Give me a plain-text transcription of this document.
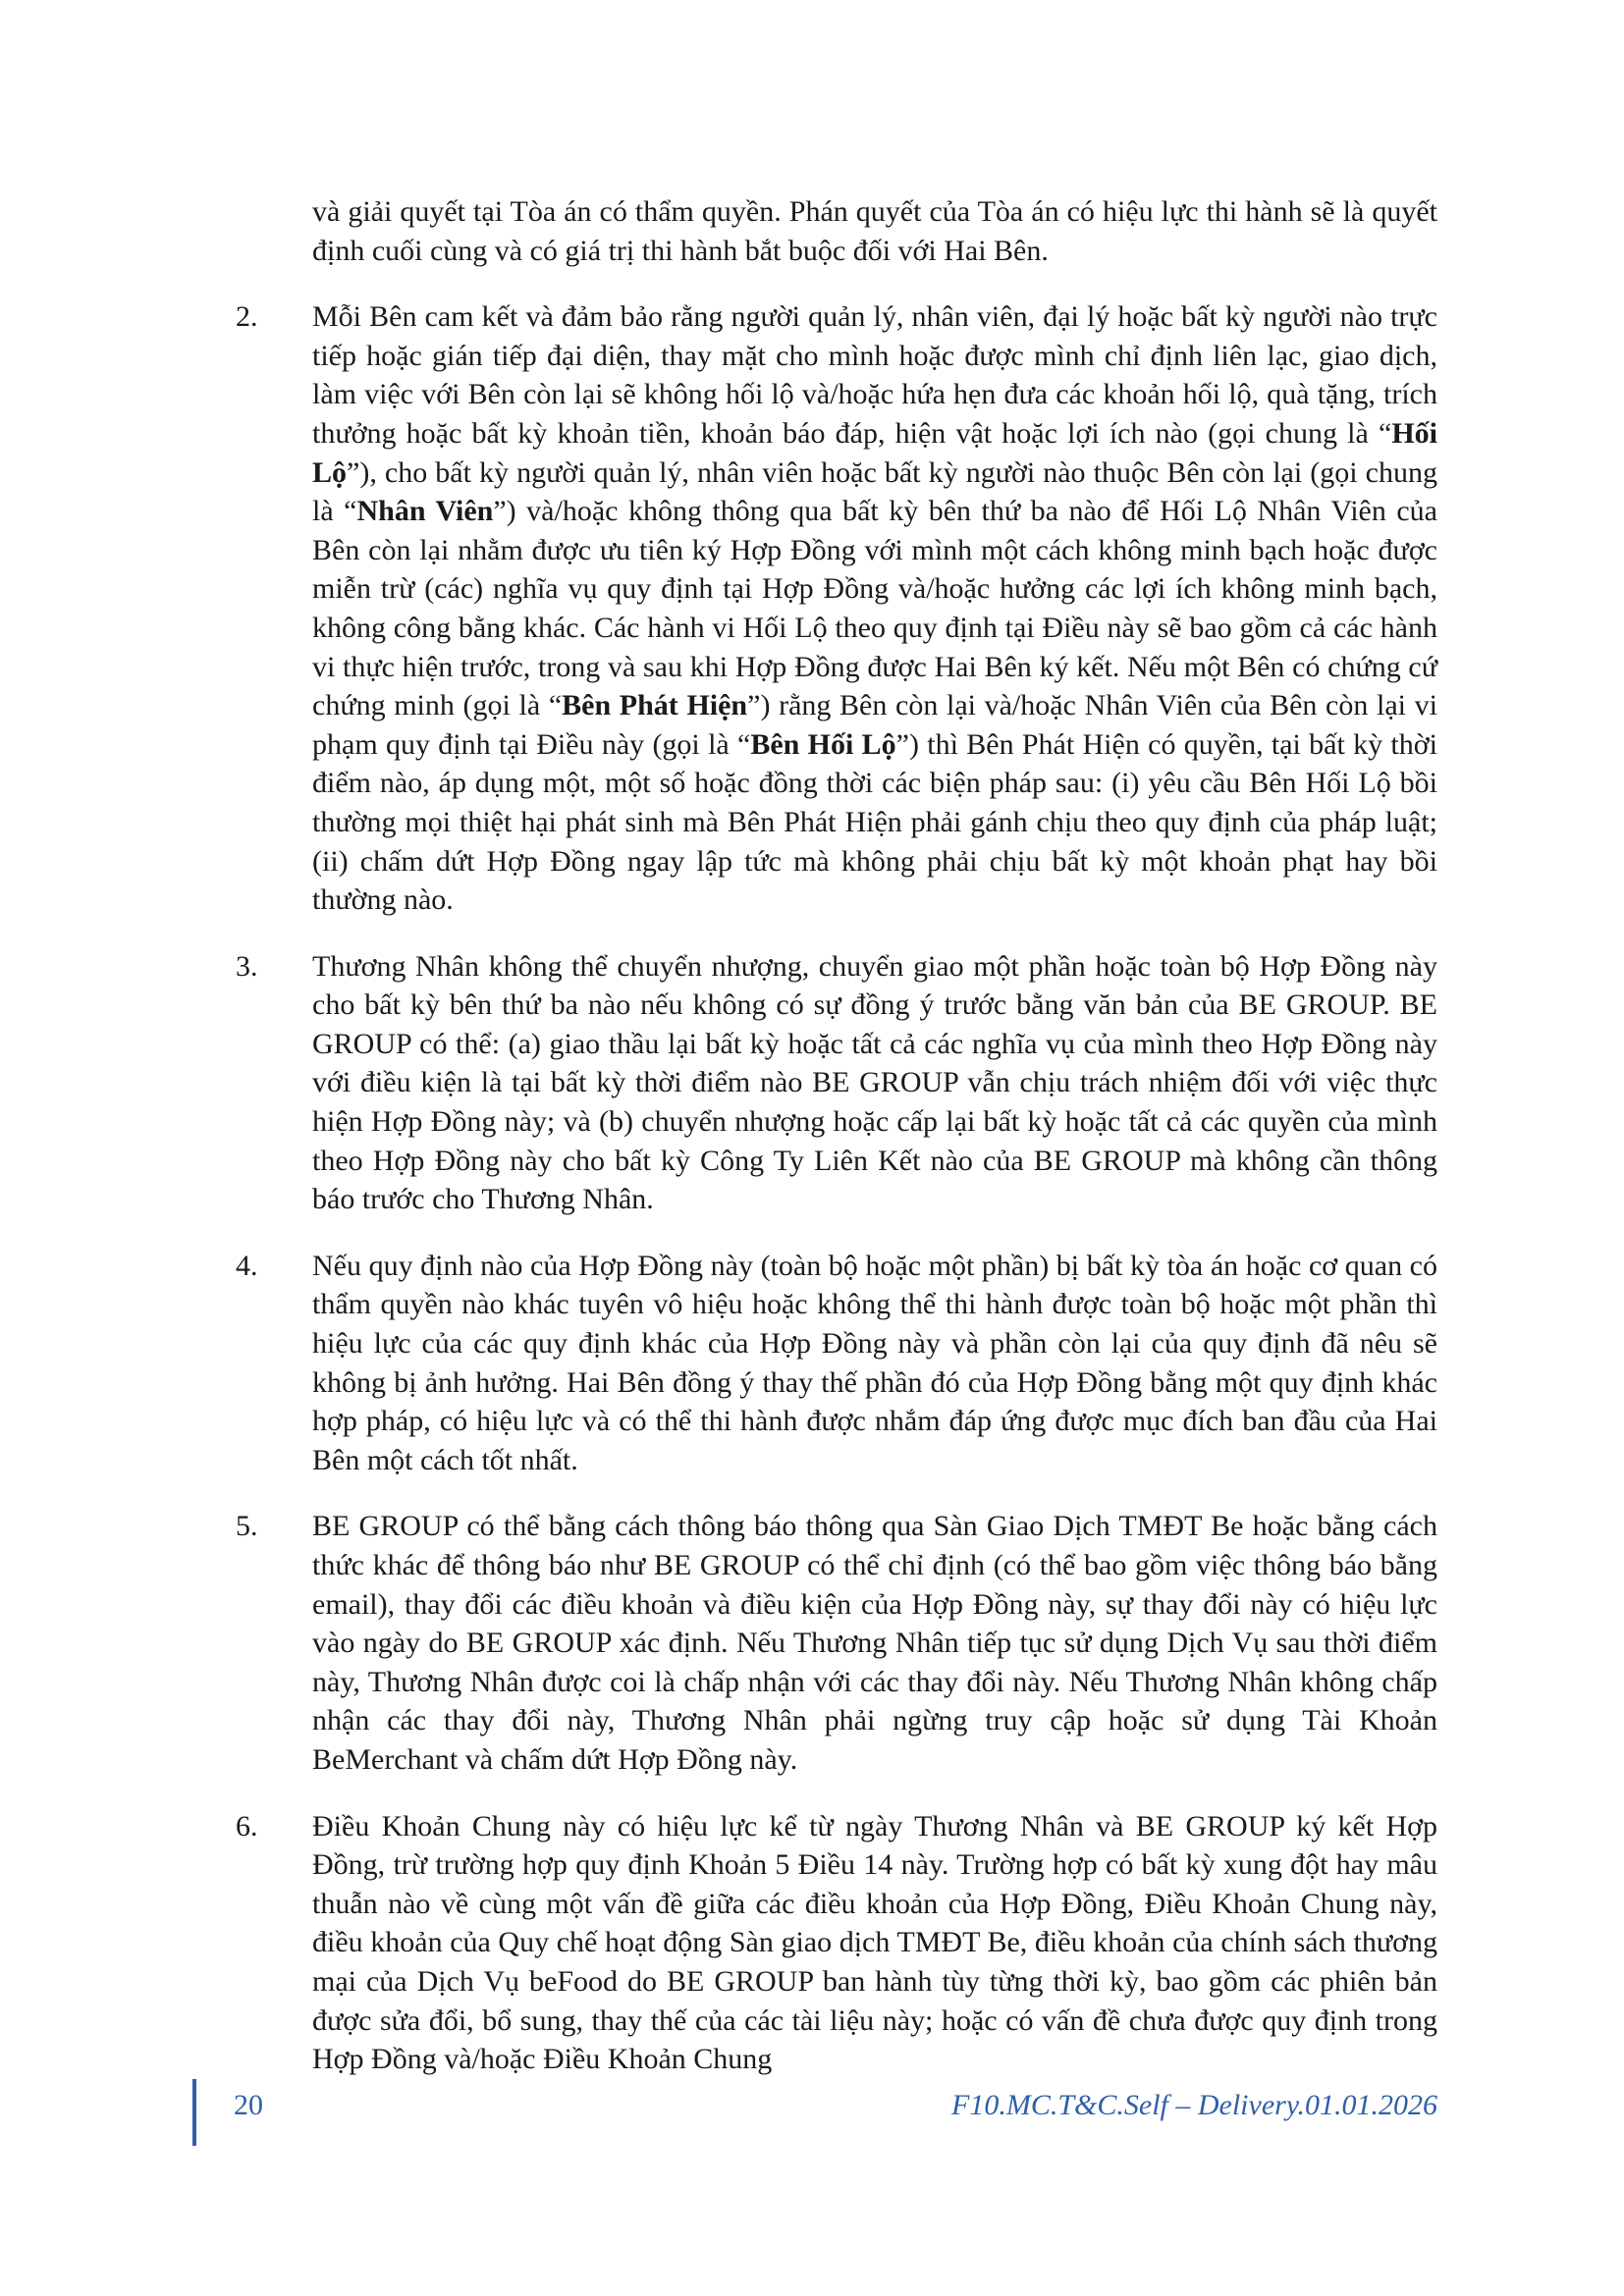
và giải quyết tại Tòa án có thẩm quyền. Phán quyết của Tòa án có hiệu lực thi hành sẽ là quyết định cuối cùng và có giá trị thi hành bắt buộc đối với Hai Bên.

2. Mỗi Bên cam kết và đảm bảo rằng người quản lý, nhân viên, đại lý hoặc bất kỳ người nào trực tiếp hoặc gián tiếp đại diện, thay mặt cho mình hoặc được mình chỉ định liên lạc, giao dịch, làm việc với Bên còn lại sẽ không hối lộ và/hoặc hứa hẹn đưa các khoản hối lộ, quà tặng, trích thưởng hoặc bất kỳ khoản tiền, khoản báo đáp, hiện vật hoặc lợi ích nào (gọi chung là “Hối Lộ”), cho bất kỳ người quản lý, nhân viên hoặc bất kỳ người nào thuộc Bên còn lại (gọi chung là “Nhân Viên”) và/hoặc không thông qua bất kỳ bên thứ ba nào để Hối Lộ Nhân Viên của Bên còn lại nhằm được ưu tiên ký Hợp Đồng với mình một cách không minh bạch hoặc được miễn trừ (các) nghĩa vụ quy định tại Hợp Đồng và/hoặc hưởng các lợi ích không minh bạch, không công bằng khác. Các hành vi Hối Lộ theo quy định tại Điều này sẽ bao gồm cả các hành vi thực hiện trước, trong và sau khi Hợp Đồng được Hai Bên ký kết. Nếu một Bên có chứng cứ chứng minh (gọi là “Bên Phát Hiện”) rằng Bên còn lại và/hoặc Nhân Viên của Bên còn lại vi phạm quy định tại Điều này (gọi là “Bên Hối Lộ”) thì Bên Phát Hiện có quyền, tại bất kỳ thời điểm nào, áp dụng một, một số hoặc đồng thời các biện pháp sau: (i) yêu cầu Bên Hối Lộ bồi thường mọi thiệt hại phát sinh mà Bên Phát Hiện phải gánh chịu theo quy định của pháp luật; (ii) chấm dứt Hợp Đồng ngay lập tức mà không phải chịu bất kỳ một khoản phạt hay bồi thường nào.

3. Thương Nhân không thể chuyển nhượng, chuyển giao một phần hoặc toàn bộ Hợp Đồng này cho bất kỳ bên thứ ba nào nếu không có sự đồng ý trước bằng văn bản của BE GROUP. BE GROUP có thể: (a) giao thầu lại bất kỳ hoặc tất cả các nghĩa vụ của mình theo Hợp Đồng này với điều kiện là tại bất kỳ thời điểm nào BE GROUP vẫn chịu trách nhiệm đối với việc thực hiện Hợp Đồng này; và (b) chuyển nhượng hoặc cấp lại bất kỳ hoặc tất cả các quyền của mình theo Hợp Đồng này cho bất kỳ Công Ty Liên Kết nào của BE GROUP mà không cần thông báo trước cho Thương Nhân.

4. Nếu quy định nào của Hợp Đồng này (toàn bộ hoặc một phần) bị bất kỳ tòa án hoặc cơ quan có thẩm quyền nào khác tuyên vô hiệu hoặc không thể thi hành được toàn bộ hoặc một phần thì hiệu lực của các quy định khác của Hợp Đồng này và phần còn lại của quy định đã nêu sẽ không bị ảnh hưởng. Hai Bên đồng ý thay thế phần đó của Hợp Đồng bằng một quy định khác hợp pháp, có hiệu lực và có thể thi hành được nhắm đáp ứng được mục đích ban đầu của Hai Bên một cách tốt nhất.

5. BE GROUP có thể bằng cách thông báo thông qua Sàn Giao Dịch TMĐT Be hoặc bằng cách thức khác để thông báo như BE GROUP có thể chỉ định (có thể bao gồm việc thông báo bằng email), thay đổi các điều khoản và điều kiện của Hợp Đồng này, sự thay đổi này có hiệu lực vào ngày do BE GROUP xác định. Nếu Thương Nhân tiếp tục sử dụng Dịch Vụ sau thời điểm này, Thương Nhân được coi là chấp nhận với các thay đổi này. Nếu Thương Nhân không chấp nhận các thay đổi này, Thương Nhân phải ngừng truy cập hoặc sử dụng Tài Khoản BeMerchant và chấm dứt Hợp Đồng này.

6. Điều Khoản Chung này có hiệu lực kể từ ngày Thương Nhân và BE GROUP ký kết Hợp Đồng, trừ trường hợp quy định Khoản 5 Điều 14 này. Trường hợp có bất kỳ xung đột hay mâu thuẫn nào về cùng một vấn đề giữa các điều khoản của Hợp Đồng, Điều Khoản Chung này, điều khoản của Quy chế hoạt động Sàn giao dịch TMĐT Be, điều khoản của chính sách thương mại của Dịch Vụ beFood do BE GROUP ban hành tùy từng thời kỳ, bao gồm các phiên bản được sửa đổi, bổ sung, thay thế của các tài liệu này; hoặc có vấn đề chưa được quy định trong Hợp Đồng và/hoặc Điều Khoản Chung

20	F10.MC.T&C.Self – Delivery.01.01.2026
